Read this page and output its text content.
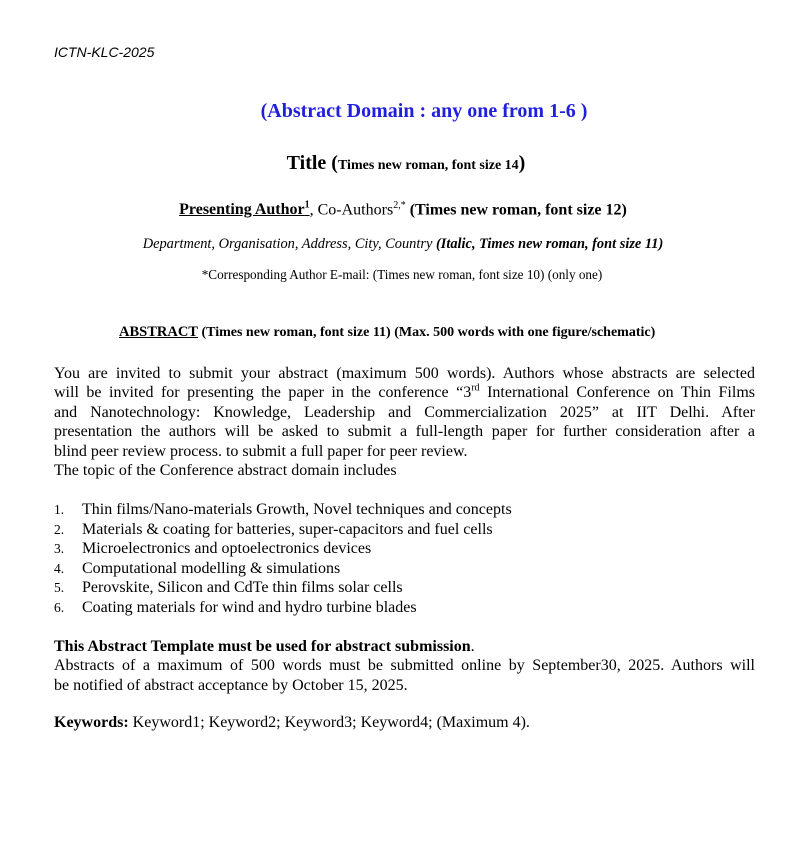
ICTN-KLC-2025
(Abstract Domain : any one from 1-6 )
Title (Times new roman, font size 14)
Presenting Author$^1$, Co-Authors$^{2,*}$ (Times new roman, font size 12)
Department, Organisation, Address, City, Country (Italic, Times new roman, font size 11)
*Corresponding Author E-mail: (Times new roman, font size 10) (only one)
ABSTRACT (Times new roman, font size 11) (Max. 500 words with one figure/schematic)
You are invited to submit your abstract (maximum 500 words). Authors whose abstracts are selected
will be invited for presenting the paper in the conference “3rd International Conference on Thin Films
and Nanotechnology: Knowledge, Leadership and Commercialization 2025” at IIT Delhi. After
presentation the authors will be asked to submit a full-length paper for further consideration after a
blind peer review process. to submit a full paper for peer review.
The topic of the Conference abstract domain includes
1.	Thin films/Nano-materials Growth, Novel techniques and concepts
2.	Materials & coating for batteries, super-capacitors and fuel cells
3.	Microelectronics and optoelectronics devices
4.	Computational modelling & simulations
5.	Perovskite, Silicon and CdTe thin films solar cells
6.	Coating materials for wind and hydro turbine blades
This Abstract Template must be used for abstract submission.
Abstracts of a maximum of 500 words must be submitted online by September30, 2025. Authors will
be notified of abstract acceptance by October 15, 2025.
Keywords: Keyword1; Keyword2; Keyword3; Keyword4; (Maximum 4).
